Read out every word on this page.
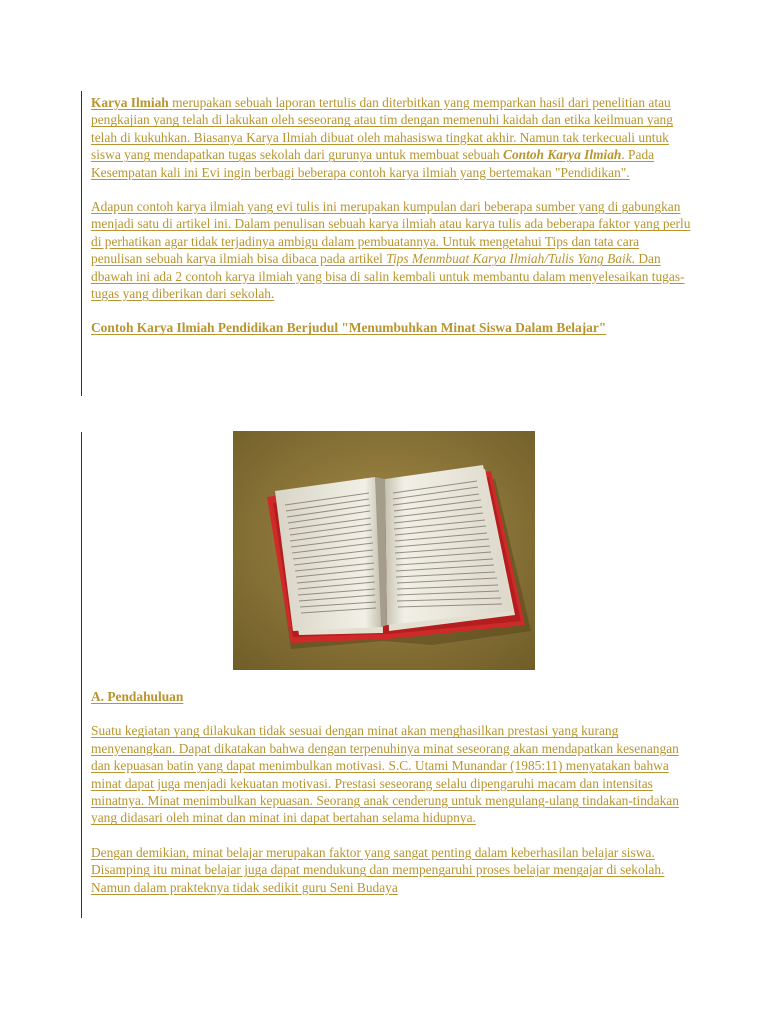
Karya Ilmiah merupakan sebuah laporan tertulis dan diterbitkan yang memparkan hasil dari penelitian atau pengkajian yang telah di lakukan oleh seseorang atau tim dengan memenuhi kaidah dan etika keilmuan yang telah di kukuhkan. Biasanya Karya Ilmiah dibuat oleh mahasiswa tingkat akhir. Namun tak terkecuali untuk siswa yang mendapatkan tugas sekolah dari gurunya untuk membuat sebuah Contoh Karya Ilmiah. Pada Kesempatan kali ini Evi ingin berbagi beberapa contoh karya ilmiah yang bertemakan "Pendidikan".

Adapun contoh karya ilmiah yang evi tulis ini merupakan kumpulan dari beberapa sumber yang di gabungkan menjadi satu di artikel ini. Dalam penulisan sebuah karya ilmiah atau karya tulis ada beberapa faktor yang perlu di perhatikan agar tidak terjadinya ambigu dalam pembuatannya. Untuk mengetahui Tips dan tata cara penulisan sebuah karya ilmiah bisa dibaca pada artikel Tips Menmbuat Karya Ilmiah/Tulis Yang Baik. Dan dbawah ini ada 2 contoh karya ilmiah yang bisa di salin kembali untuk membantu dalam menyelesaikan tugas-tugas yang diberikan dari sekolah.

Contoh Karya Ilmiah Pendidikan Berjudul "Menumbuhkan Minat Siswa Dalam Belajar"

A. Pendahuluan

Suatu kegiatan yang dilakukan tidak sesuai dengan minat akan menghasilkan prestasi yang kurang menyenangkan. Dapat dikatakan bahwa dengan terpenuhinya minat seseorang akan mendapatkan kesenangan dan kepuasan batin yang dapat menimbulkan motivasi. S.C. Utami Munandar (1985:11) menyatakan bahwa minat dapat juga menjadi kekuatan motivasi. Prestasi seseorang selalu dipengaruhi macam dan intensitas minatnya. Minat menimbulkan kepuasan. Seorang anak cenderung untuk mengulang-ulang tindakan-tindakan yang didasari oleh minat dan minat ini dapat bertahan selama hidupnya.

Dengan demikian, minat belajar merupakan faktor yang sangat penting dalam keberhasilan belajar siswa. Disamping itu minat belajar juga dapat mendukung dan mempengaruhi proses belajar mengajar di sekolah. Namun dalam prakteknya tidak sedikit guru Seni Budaya
